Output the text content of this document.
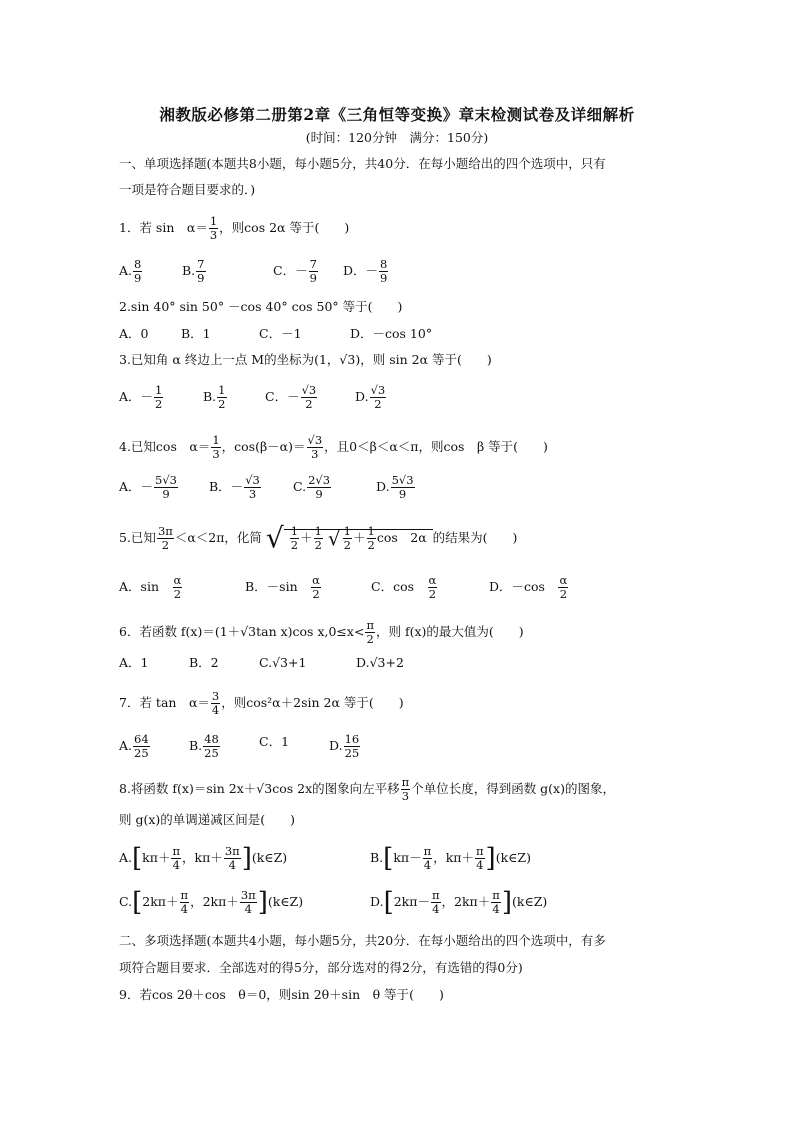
湘教版必修第二册第2章《三角恒等变换》章末检测试卷及详细解析
(时间：120分钟　满分：150分)
一、单项选择题(本题共8小题，每小题5分，共40分．在每小题给出的四个选项中，只有
一项是符合题目要求的．)
1．若 sin　$\alpha= \frac{1}{3}$ ，则cos 2α 等于(　　)
A. $\frac{8}{9}$	B. $\frac{7}{9}$	C．－ $\frac{7}{9}$ D．－ $\frac{8}{9}$
2.sin 40° sin 50° －cos 40° cos 50° 等于(　　)
A．0	B．1	C．－1	D．－cos 10°
3.已知角 α 终边上一点 M的坐标为(1，√3)，则 sin 2α 等于(　　)
A．－ $\frac{1}{2}$	B. $\frac{1}{2}$	C．－ $\frac{√3}{2}$	D. $\frac{√3}{2}$
4.已知cos　$\alpha= \frac{1}{3}$ ，$\cos(\beta-\alpha)= \frac{√3}{3}$ ，且0＜β＜α＜π，则cos　β 等于(　　)
A．－ $\frac{5√3}{9}$ B．－ $\frac{√3}{3}$	C. $\frac{2√3}{9}$	D. $\frac{5√3}{9}$
5.已知 $\frac{3\pi}{2} <\alpha<2\pi$，化简 √ $\frac{1}{2} + \frac{1}{2}$ √ $\frac{1}{2} + \frac{1}{2}$ cos　2α 的结果为(　　)
A．sin　 $\frac{\alpha}{2}$	B．－sin　 $\frac{\alpha}{2}$	C．cos　 $\frac{\alpha}{2}$	D．－cos　 $\frac{\alpha}{2}$
6．若函数 f(x)＝(1＋√3tan x)cos $x,0\le x< \frac{\pi}{2}$ ，则 f(x)的最大值为(　　)
A．1	B．2	C.√3+1	D.√3+2
7．若 tan　$\alpha= \frac{3}{4}$ ，则cos²α＋2sin 2α 等于(　　)
A. $\frac{64}{25}$	B. $\frac{48}{25}$	C．1	D. $\frac{16}{25}$
8.将函数 f(x)＝sin 2x＋√3cos 2x的图象向左平移 $\frac{\pi}{3}$ 个单位长度，得到函数 g(x)的图象，
则 g(x)的单调递减区间是(　　)
$A.[k\pi+ \frac{\pi}{4}$ ，$k\pi+ \frac{3\pi}{4}$ ](k∈Z)	$B.[k\pi- \frac{\pi}{4}$ ，$k\pi+ \frac{\pi}{4}$ ](k∈Z)
$C.[2k\pi+ \frac{\pi}{4}$ ，$2k\pi+ \frac{3\pi}{4}$ ](k∈Z)	$D.[2k\pi- \frac{\pi}{4}$ ，$2k\pi+ \frac{\pi}{4}$ ](k∈Z)
二、多项选择题(本题共4小题，每小题5分，共20分．在每小题给出的四个选项中，有多
项符合题目要求．全部选对的得5分，部分选对的得2分，有选错的得0分)
9．若cos 2θ＋cos　θ＝0，则sin 2θ＋sin　θ 等于(　　)
